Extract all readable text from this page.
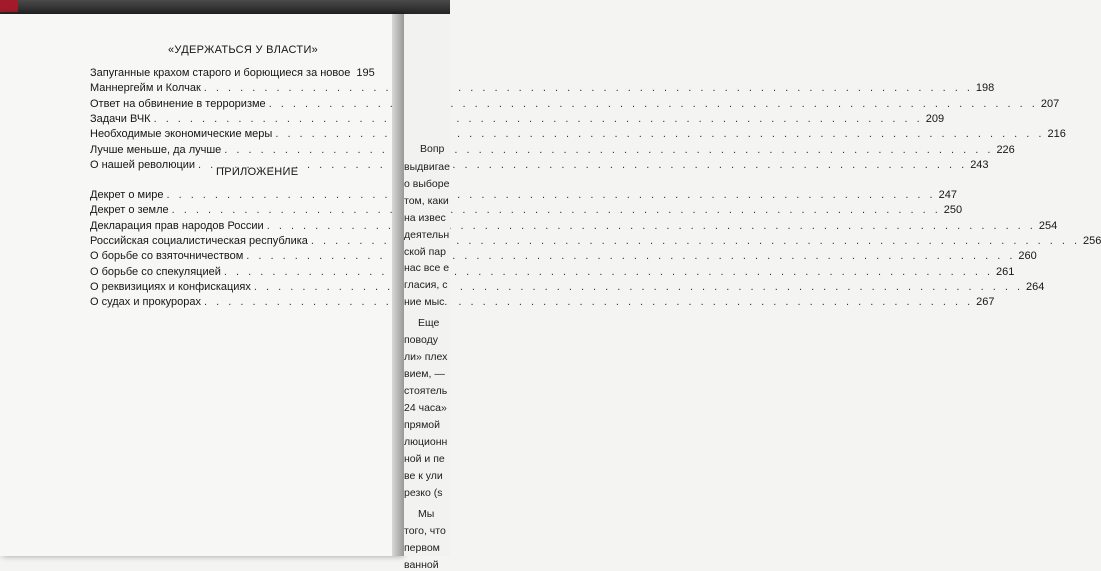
«УДЕРЖАТЬСЯ У ВЛАСТИ»
Запуганные крахом старого и борющиеся за новое 195
Маннергейм и Колчак . . .	198
Ответ на обвинение в терроризме . . .	207
Задачи ВЧК . . .	209
Необходимые экономические меры . . .	216
Лучше меньше, да лучше . . .	226
О нашей революции . . .	243
ПРИЛОЖЕНИЕ
Декрет о мире . . .	247
Декрет о земле . . .	250
Декларация прав народов России . . .	254
Российская социалистическая республика . . .	256
О борьбе со взяточничеством . . .	260
О борьбе со спекуляцией . . .	261
О реквизициях и конфискациях . . .	264
О судах и прокурорах . . .	267
Вопр
выдвигае
о выборе
том, каки
на извес
деятельн
ской пар
нас все е
гласия, с
ние мыс.
Еще
поводу
ли» плех
вием, —
стоятель
24 часа»
прямой
люционн
ной и пе
ве к ули
резко (s
Мы
того, что
первом
ванной
